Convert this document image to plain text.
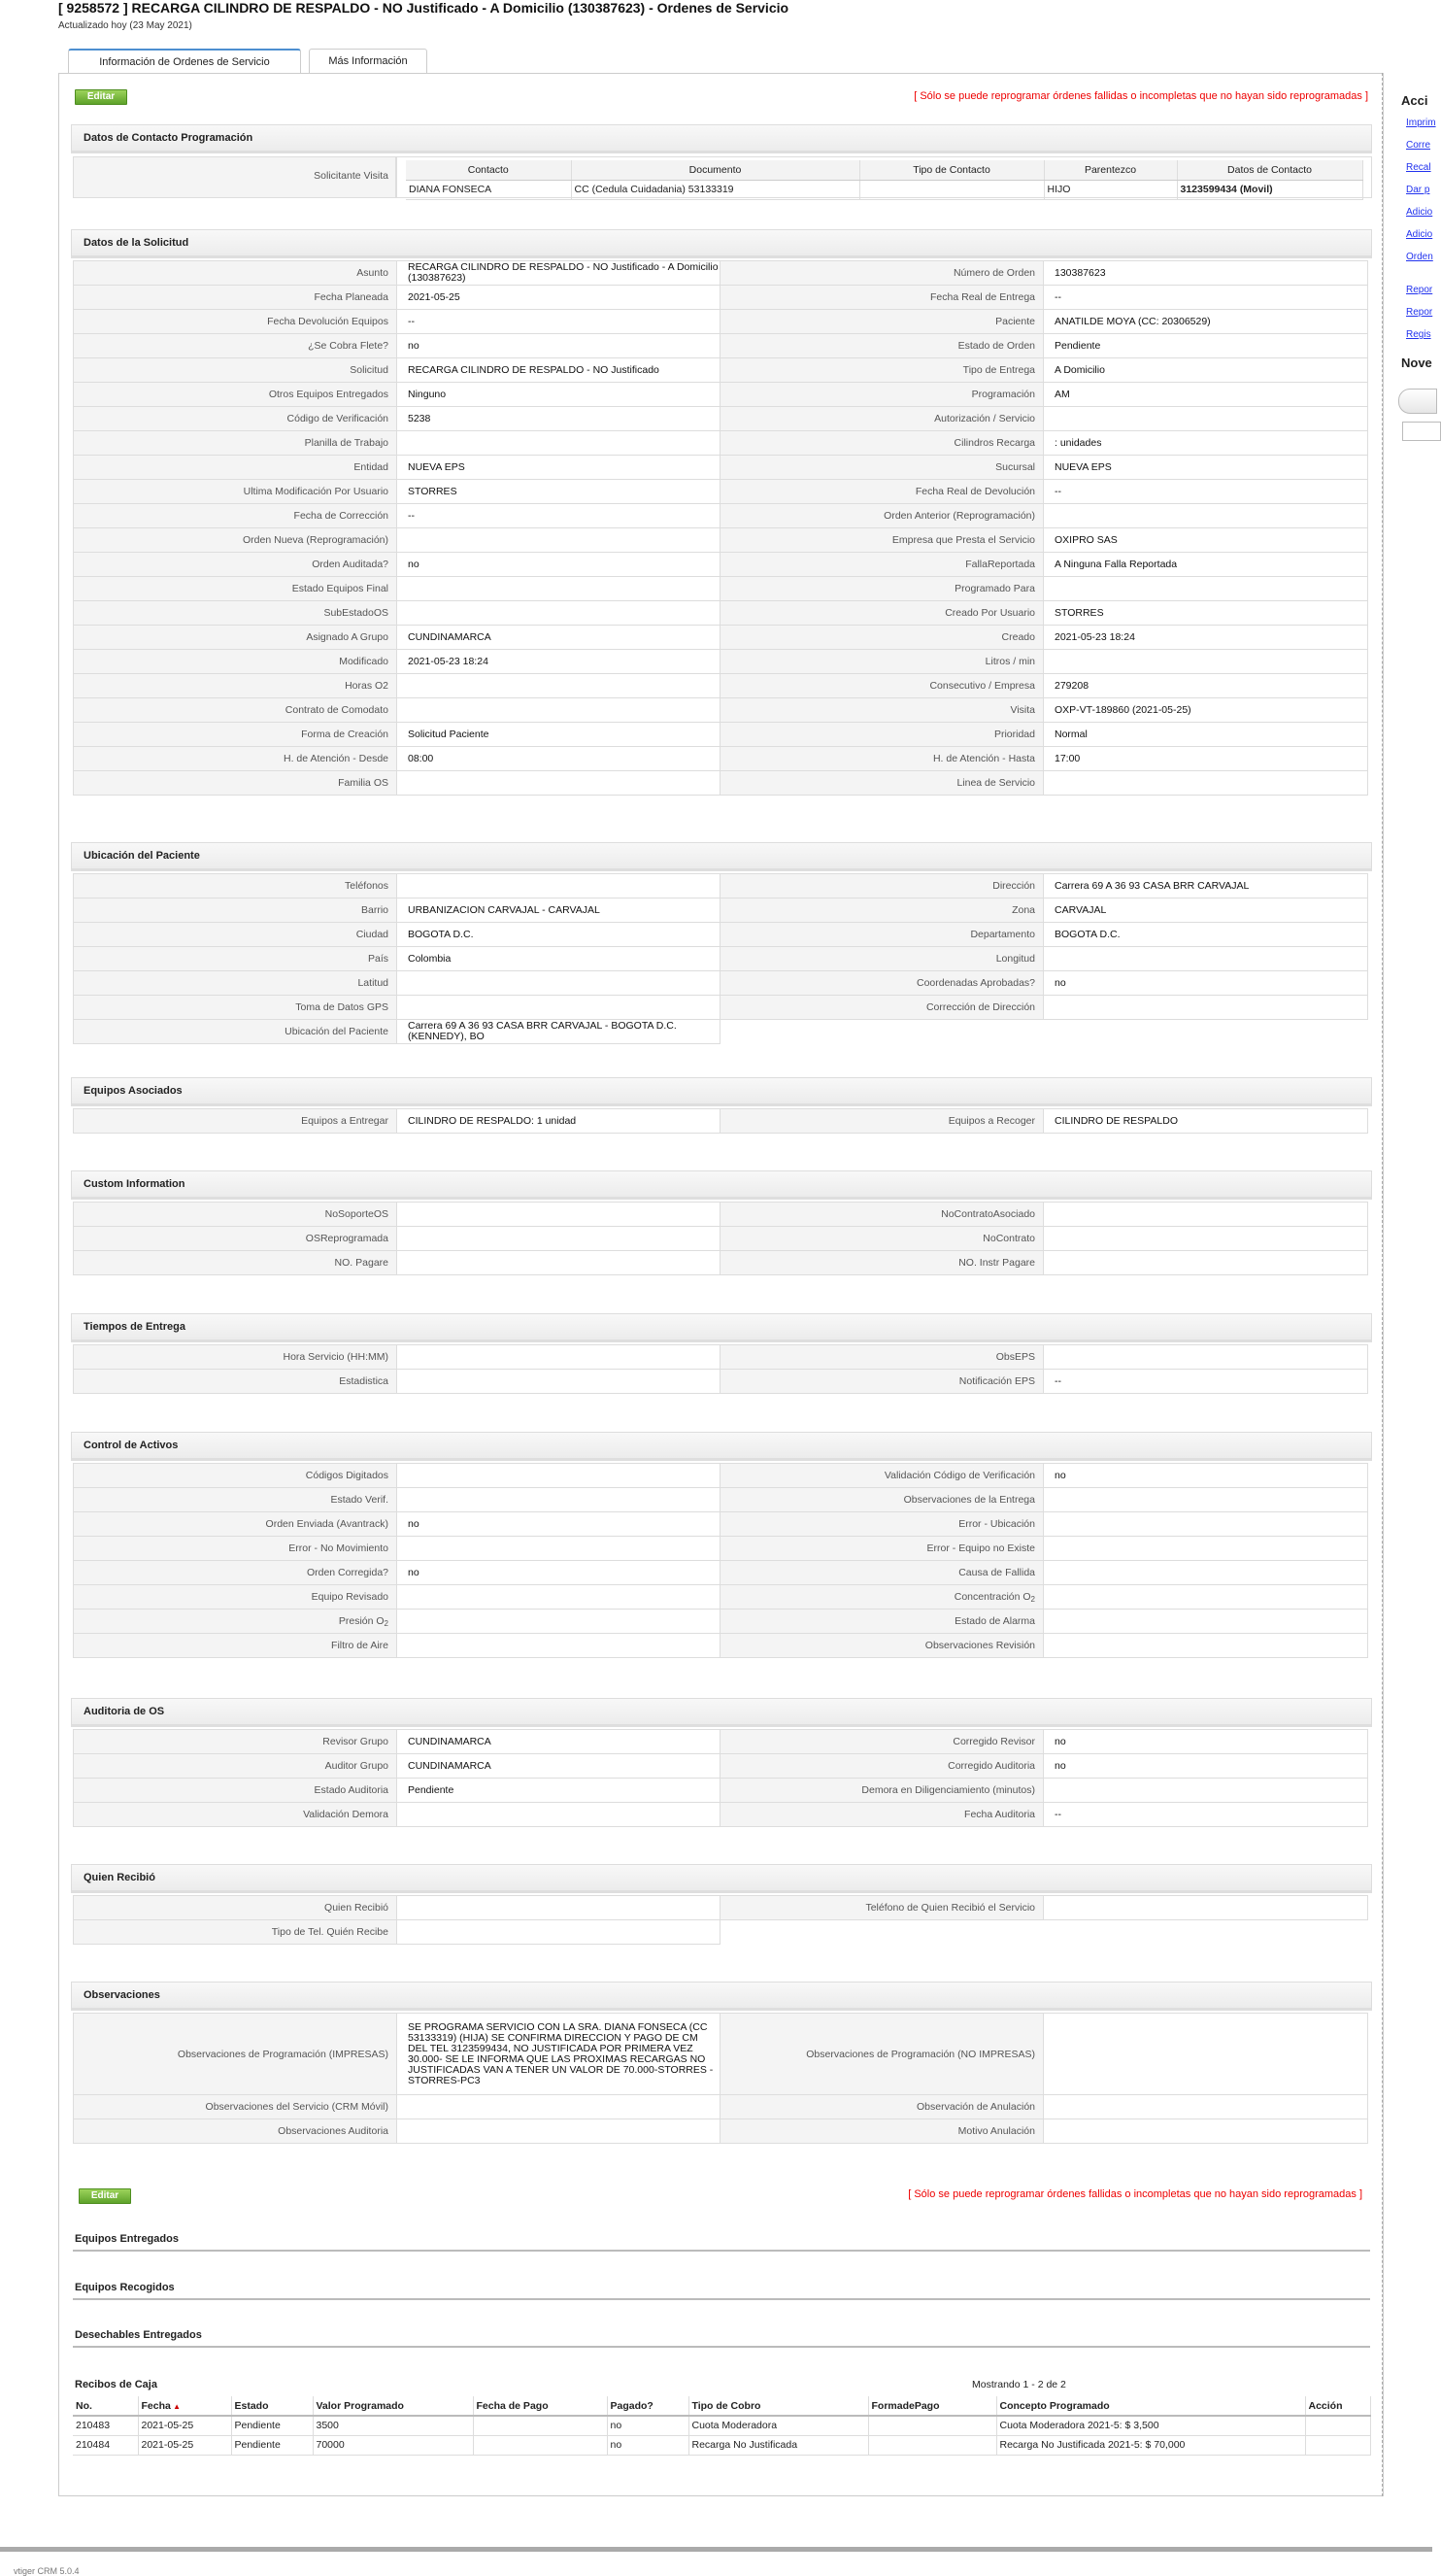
[ 9258572 ] RECARGA CILINDRO DE RESPALDO - NO Justificado - A Domicilio (130387623) - Ordenes de Servicio
Actualizado hoy (23 May 2021)
Información de Ordenes de Servicio	Más Información
Editar	[ Sólo se puede reprogramar órdenes fallidas o incompletas que no hayan sido reprogramadas ]
Datos de Contacto Programación
Solicitante Visita
Contacto	Documento	Tipo de Contacto	Parentezco	Datos de Contacto
DIANA FONSECA	CC (Cedula Cuidadania) 53133319		HIJO	3123599434 (Movil)
Datos de la Solicitud
Asunto	RECARGA CILINDRO DE RESPALDO - NO Justificado - A Domicilio (130387623)	Número de Orden	130387623
Fecha Planeada	2021-05-25	Fecha Real de Entrega	--
Fecha Devolución Equipos	--	Paciente	ANATILDE MOYA (CC: 20306529)
¿Se Cobra Flete?	no	Estado de Orden	Pendiente
Solicitud	RECARGA CILINDRO DE RESPALDO - NO Justificado	Tipo de Entrega	A Domicilio
Otros Equipos Entregados	Ninguno	Programación	AM
Código de Verificación	5238	Autorización / Servicio	
Planilla de Trabajo		Cilindros Recarga	: unidades
Entidad	NUEVA EPS	Sucursal	NUEVA EPS
Ultima Modificación Por Usuario	STORRES	Fecha Real de Devolución	--
Fecha de Corrección	--	Orden Anterior (Reprogramación)	
Orden Nueva (Reprogramación)		Empresa que Presta el Servicio	OXIPRO SAS
Orden Auditada?	no	FallaReportada	A Ninguna Falla Reportada
Estado Equipos Final		Programado Para	
SubEstadoOS		Creado Por Usuario	STORRES
Asignado A Grupo	CUNDINAMARCA	Creado	2021-05-23 18:24
Modificado	2021-05-23 18:24	Litros / min	
Horas O2		Consecutivo / Empresa	279208
Contrato de Comodato		Visita	OXP-VT-189860 (2021-05-25)
Forma de Creación	Solicitud Paciente	Prioridad	Normal
H. de Atención - Desde	08:00	H. de Atención - Hasta	17:00
Familia OS		Linea de Servicio	
Ubicación del Paciente
Teléfonos		Dirección	Carrera 69 A 36 93 CASA BRR CARVAJAL
Barrio	URBANIZACION CARVAJAL - CARVAJAL	Zona	CARVAJAL
Ciudad	BOGOTA D.C.	Departamento	BOGOTA D.C.
País	Colombia	Longitud	
Latitud		Coordenadas Aprobadas?	no
Toma de Datos GPS		Corrección de Dirección	
Ubicación del Paciente	Carrera 69 A 36 93 CASA BRR CARVAJAL - BOGOTA D.C. (KENNEDY), BO		
Equipos Asociados
Equipos a Entregar	CILINDRO DE RESPALDO: 1 unidad	Equipos a Recoger	CILINDRO DE RESPALDO
Custom Information
NoSoporteOS		NoContratoAsociado	
OSReprogramada		NoContrato	
NO. Pagare		NO. Instr Pagare	
Tiempos de Entrega
Hora Servicio (HH:MM)		ObsEPS	
Estadistica		Notificación EPS	--
Control de Activos
Códigos Digitados		Validación Código de Verificación	no
Estado Verif.		Observaciones de la Entrega	
Orden Enviada (Avantrack)	no	Error - Ubicación	
Error - No Movimiento		Error - Equipo no Existe	
Orden Corregida?	no	Causa de Fallida	
Equipo Revisado		Concentración $O_2$	
Presión $O_2$		Estado de Alarma	
Filtro de Aire		Observaciones Revisión	
Auditoria de OS
Revisor Grupo	CUNDINAMARCA	Corregido Revisor	no
Auditor Grupo	CUNDINAMARCA	Corregido Auditoria	no
Estado Auditoria	Pendiente	Demora en Diligenciamiento (minutos)	
Validación Demora		Fecha Auditoria	--
Quien Recibió
Quien Recibió		Teléfono de Quien Recibió el Servicio	
Tipo de Tel. Quién Recibe			
Observaciones
Observaciones de Programación (IMPRESAS)	SE PROGRAMA SERVICIO CON LA SRA. DIANA FONSECA (CC 53133319) (HIJA) SE CONFIRMA DIRECCION Y PAGO DE CM DEL TEL 3123599434, NO JUSTIFICADA POR PRIMERA VEZ 30.000- SE LE INFORMA QUE LAS PROXIMAS RECARGAS NO JUSTIFICADAS VAN A TENER UN VALOR DE 70.000-STORRES -STORRES-PC3	Observaciones de Programación (NO IMPRESAS)	
Observaciones del Servicio (CRM Móvil)		Observación de Anulación	
Observaciones Auditoria		Motivo Anulación	
Editar	[ Sólo se puede reprogramar órdenes fallidas o incompletas que no hayan sido reprogramadas ]
Equipos Entregados
Equipos Recogidos
Desechables Entregados
Recibos de Caja	Mostrando 1 - 2 de 2
No.	Fecha ▲	Estado	Valor Programado	Fecha de Pago	Pagado?	Tipo de Cobro	FormadePago	Concepto Programado	Acción
210483	2021-05-25	Pendiente	3500		no	Cuota Moderadora		Cuota Moderadora 2021-5: $ 3,500	
210484	2021-05-25	Pendiente	70000		no	Recarga No Justificada		Recarga No Justificada 2021-5: $ 70,000	
Acci
Imprim
Corre
Recal
Dar p
Adicio
Adicio
Orden
Repor
Repor
Regis
Nove
vtiger CRM 5.0.4
